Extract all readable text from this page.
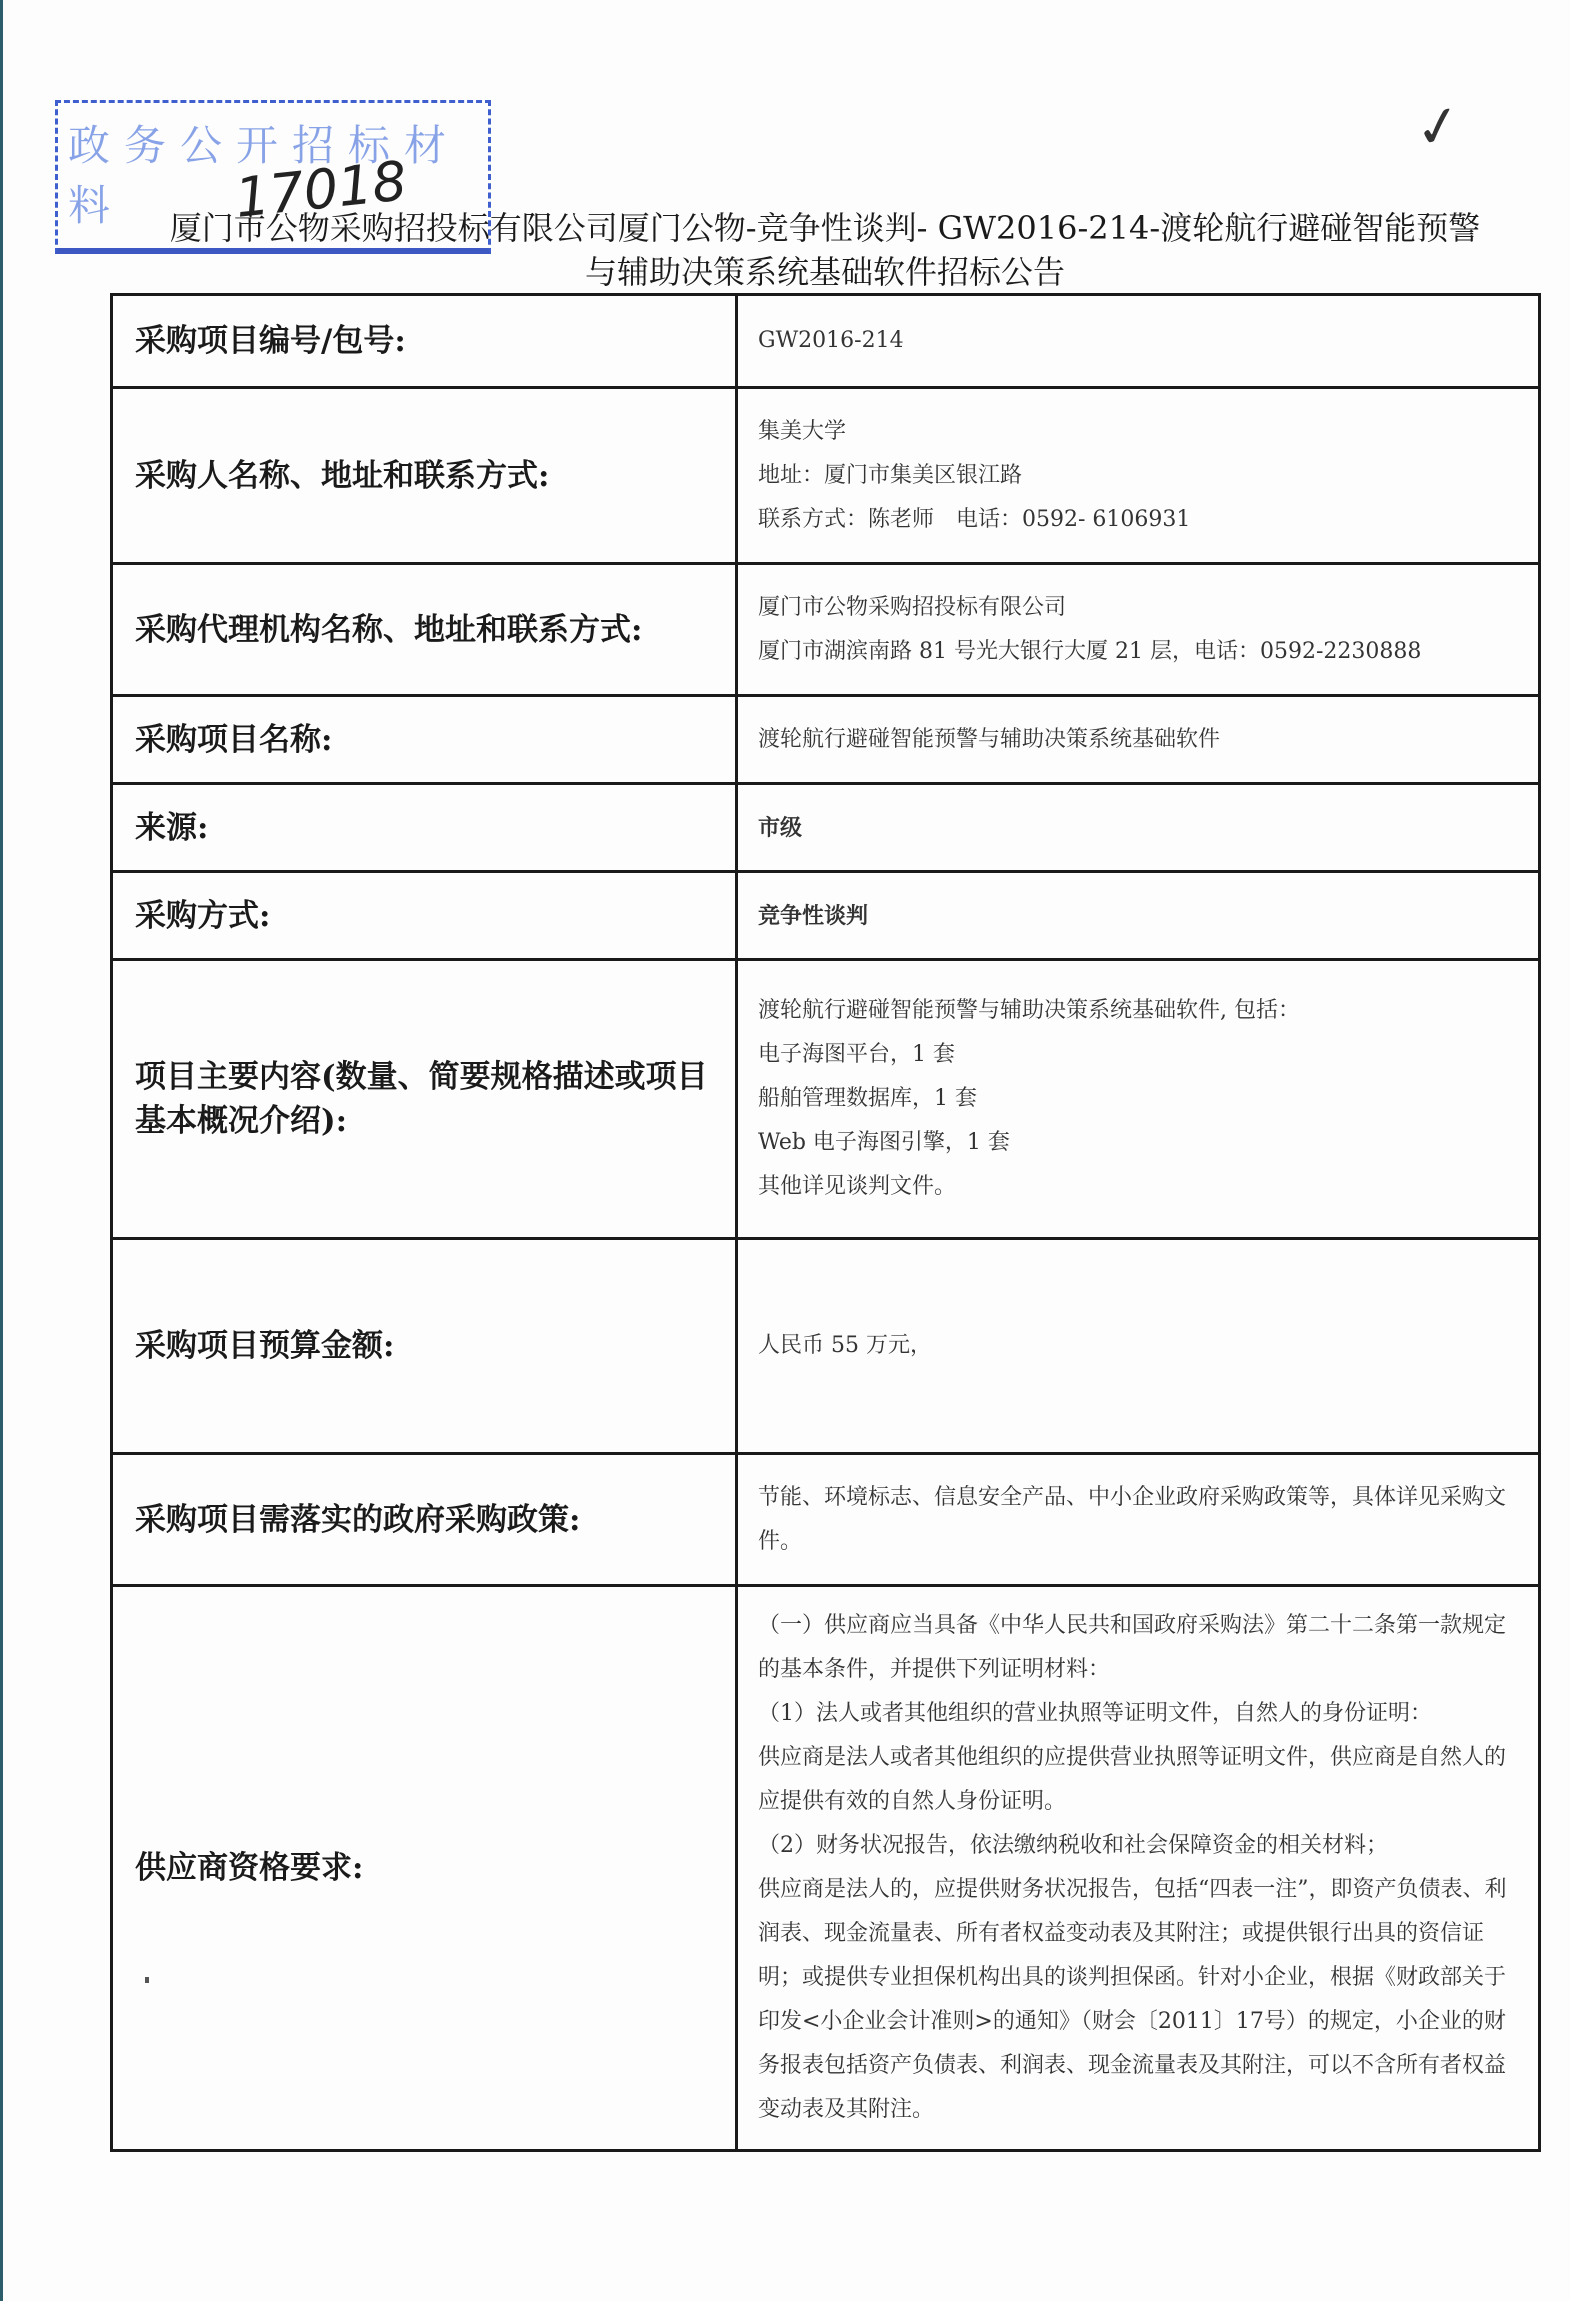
政务公开招标材料	17018
✓
厦门市公物采购招投标有限公司厦门公物-竞争性谈判- GW2016-214-渡轮航行避碰智能预警
与辅助决策系统基础软件招标公告
采购项目编号/包号:	GW2016-214

采购人名称、地址和联系方式:	集美大学
地址：厦门市集美区银江路
联系方式：陈老师　电话：0592- 6106931

采购代理机构名称、地址和联系方式:	厦门市公物采购招投标有限公司
厦门市湖滨南路 81 号光大银行大厦 21 层，电话：0592-2230888

采购项目名称:	渡轮航行避碰智能预警与辅助决策系统基础软件

来源:	市级

采购方式:	竞争性谈判

项目主要内容(数量、简要规格描述或项目基本概况介绍):	渡轮航行避碰智能预警与辅助决策系统基础软件, 包括：
电子海图平台，1 套
船舶管理数据库，1 套
Web 电子海图引擎，1 套
其他详见谈判文件。

采购项目预算金额:	人民币 55 万元，

采购项目需落实的政府采购政策:	节能、环境标志、信息安全产品、中小企业政府采购政策等，具体详见采购文件。

供应商资格要求:	（一）供应商应当具备《中华人民共和国政府采购法》第二十二条第一款规定的基本条件，并提供下列证明材料：
（1）法人或者其他组织的营业执照等证明文件，自然人的身份证明：
供应商是法人或者其他组织的应提供营业执照等证明文件，供应商是自然人的应提供有效的自然人身份证明。
（2）财务状况报告，依法缴纳税收和社会保障资金的相关材料；
供应商是法人的，应提供财务状况报告，包括“四表一注”，即资产负债表、利润表、现金流量表、所有者权益变动表及其附注；或提供银行出具的资信证明；或提供专业担保机构出具的谈判担保函。针对小企业，根据《财政部关于印发<小企业会计准则>的通知》（财会〔2011〕17号）的规定，小企业的财务报表包括资产负债表、利润表、现金流量表及其附注，可以不含所有者权益变动表及其附注。
